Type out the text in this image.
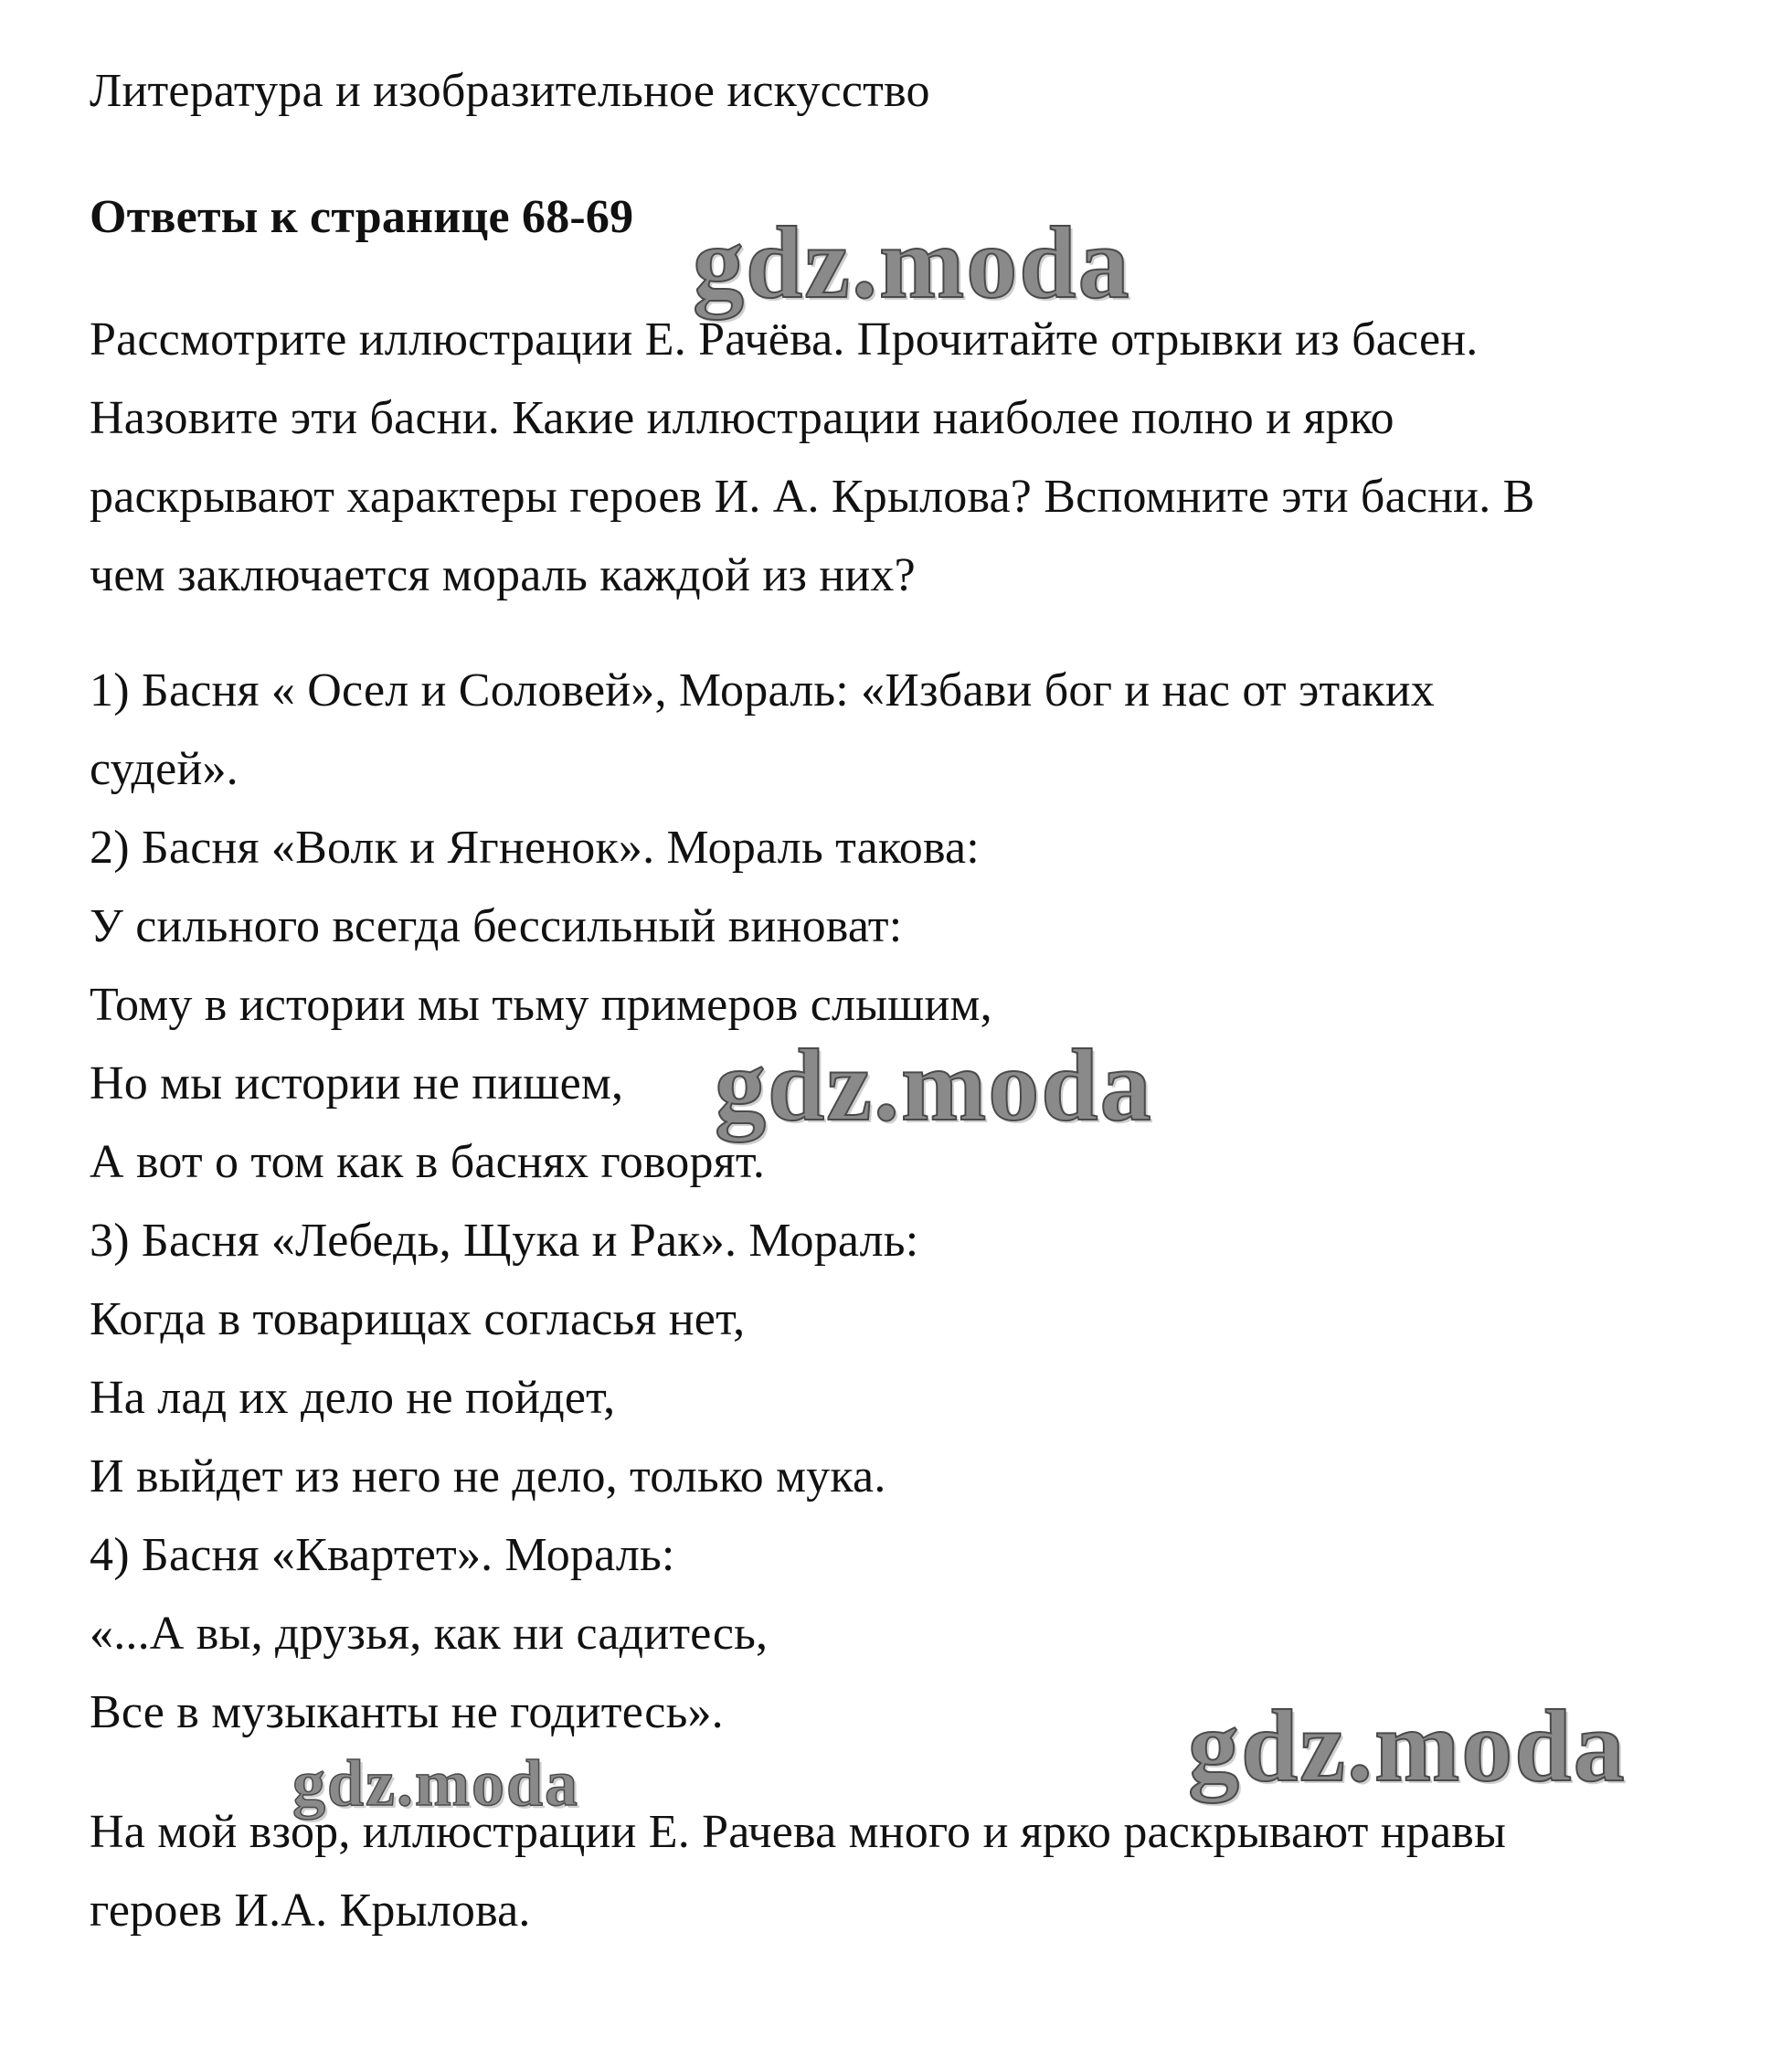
Литература и изобразительное искусство
Ответы к странице 68-69
Рассмотрите иллюстрации Е. Рачёва. Прочитайте отрывки из басен.
Назовите эти басни. Какие иллюстрации наиболее полно и ярко
раскрывают характеры героев И. А. Крылова? Вспомните эти басни. В
чем заключается мораль каждой из них?
1) Басня « Осел и Соловей», Мораль: «Избави бог и нас от этаких
судей».
2) Басня «Волк и Ягненок». Мораль такова:
У сильного всегда бессильный виноват:
Тому в истории мы тьму примеров слышим,
Но мы истории не пишем,
А вот о том как в баснях говорят.
3) Басня «Лебедь, Щука и Рак». Мораль:
Когда в товарищах согласья нет,
На лад их дело не пойдет,
И выйдет из него не дело, только мука.
4) Басня «Квартет». Мораль:
«...А вы, друзья, как ни садитесь,
Все в музыканты не годитесь».
На мой взор, иллюстрации Е. Рачева много и ярко раскрывают нравы
героев И.А. Крылова.
gdz.moda
gdz.moda
gdz.moda
gdz.moda
